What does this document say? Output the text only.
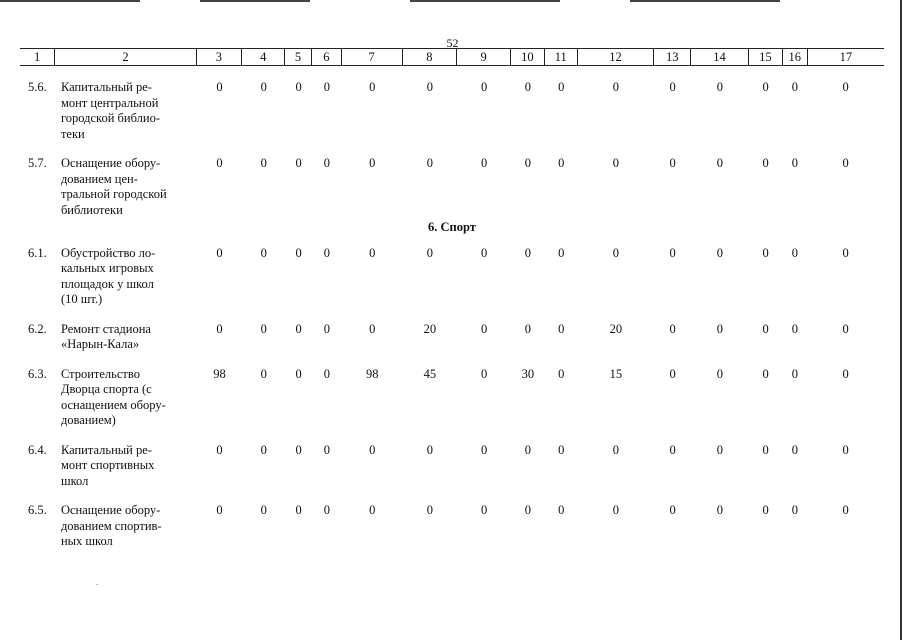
52
1	2	3	4	5	6	7	8	9	10	11	12	13	14	15	16	17
5.6.	Капитальный ре-
монт центральной
городской библио-
теки	0	0	0	0	0	0	0	0	0	0	0	0	0	0	0

5.7.	Оснащение обору-
дованием цен-
тральной городской
библиотеки	0	0	0	0	0	0	0	0	0	0	0	0	0	0	0
6. Спорт																
6.1.	Обустройство ло-
кальных игровых
площадок у школ
(10 шт.)	0	0	0	0	0	0	0	0	0	0	0	0	0	0	0

6.2.	Ремонт стадиона
«Нарын-Кала»	0	0	0	0	0	20	0	0	0	20	0	0	0	0	0

6.3.	Строительство
Дворца спорта (с
оснащением обору-
дованием)	98	0	0	0	98	45	0	30	0	15	0	0	0	0	0

6.4.	Капитальный ре-
монт спортивных
школ	0	0	0	0	0	0	0	0	0	0	0	0	0	0	0

6.5.	Оснащение обору-
дованием спортив-
ных школ	0	0	0	0	0	0	0	0	0	0	0	0	0	0	0
